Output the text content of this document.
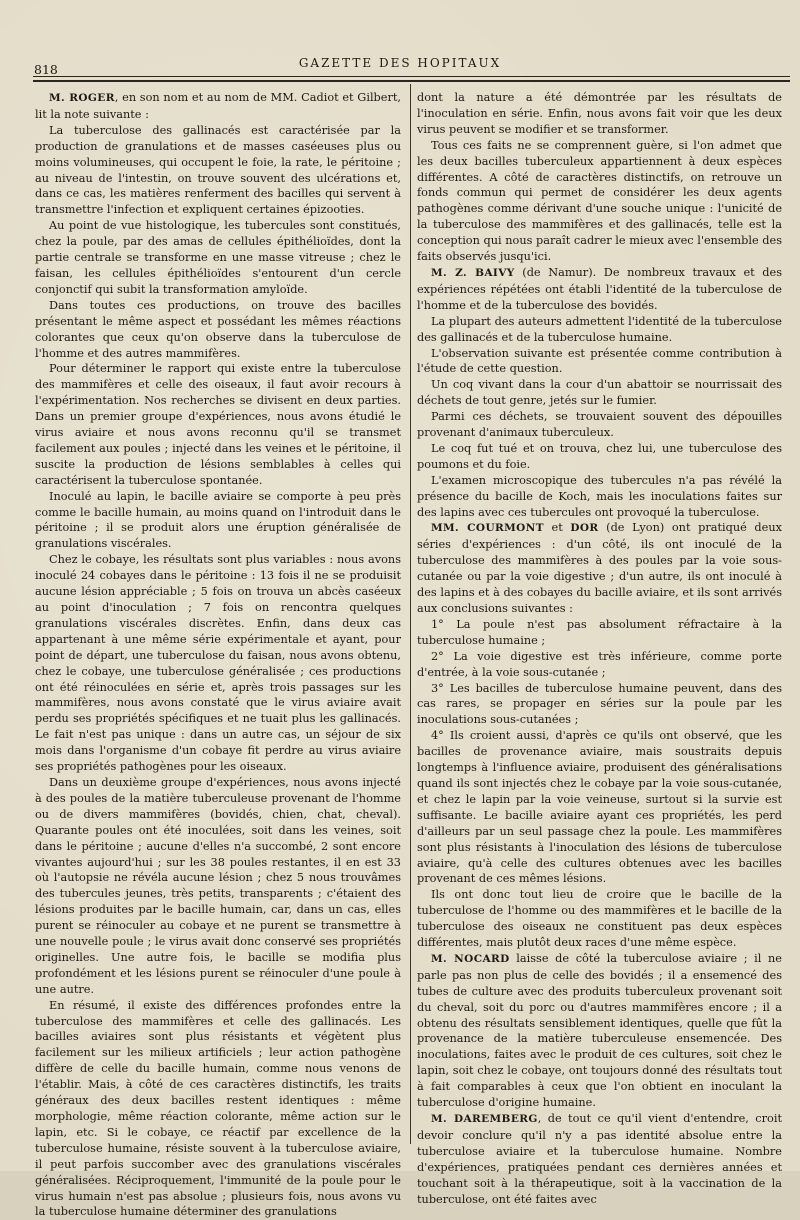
818	GAZETTE DES HOPITAUX

M. ROGER, en son nom et au nom de MM. Cadiot et Gilbert, lit la note suivante :

La tuberculose des gallinacés est caractérisée par la production de granulations et de masses caséeuses plus ou moins volumineuses, qui occupent le foie, la rate, le péritoine ; au niveau de l'intestin, on trouve souvent des ulcérations et, dans ce cas, les matières renferment des bacilles qui servent à transmettre l'infection et expliquent certaines épizooties.

Au point de vue histologique, les tubercules sont constitués, chez la poule, par des amas de cellules épithélioïdes, dont la partie centrale se transforme en une masse vitreuse ; chez le faisan, les cellules épithélioïdes s'entourent d'un cercle conjonctif qui subit la transformation amyloïde.

Dans toutes ces productions, on trouve des bacilles présentant le même aspect et possédant les mêmes réactions colorantes que ceux qu'on observe dans la tuberculose de l'homme et des autres mammifères.

Pour déterminer le rapport qui existe entre la tuberculose des mammifères et celle des oiseaux, il faut avoir recours à l'expérimentation. Nos recherches se divisent en deux parties. Dans un premier groupe d'expériences, nous avons étudié le virus aviaire et nous avons reconnu qu'il se transmet facilement aux poules ; injecté dans les veines et le péritoine, il suscite la production de lésions semblables à celles qui caractérisent la tuberculose spontanée.

Inoculé au lapin, le bacille aviaire se comporte à peu près comme le bacille humain, au moins quand on l'introduit dans le péritoine ; il se produit alors une éruption généralisée de granulations viscérales.

Chez le cobaye, les résultats sont plus variables : nous avons inoculé 24 cobayes dans le péritoine : 13 fois il ne se produisit aucune lésion appréciable ; 5 fois on trouva un abcès caséeux au point d'inoculation ; 7 fois on rencontra quelques granulations viscérales discrètes. Enfin, dans deux cas appartenant à une même série expérimentale et ayant, pour point de départ, une tuberculose du faisan, nous avons obtenu, chez le cobaye, une tuberculose généralisée ; ces productions ont été réinoculées en série et, après trois passages sur les mammifères, nous avons constaté que le virus aviaire avait perdu ses propriétés spécifiques et ne tuait plus les gallinacés. Le fait n'est pas unique : dans un autre cas, un séjour de six mois dans l'organisme d'un cobaye fit perdre au virus aviaire ses propriétés pathogènes pour les oiseaux.

Dans un deuxième groupe d'expériences, nous avons injecté à des poules de la matière tuberculeuse provenant de l'homme ou de divers mammifères (bovidés, chien, chat, cheval). Quarante poules ont été inoculées, soit dans les veines, soit dans le péritoine ; aucune d'elles n'a succombé, 2 sont encore vivantes aujourd'hui ; sur les 38 poules restantes, il en est 33 où l'autopsie ne révéla aucune lésion ; chez 5 nous trouvâmes des tubercules jeunes, très petits, transparents ; c'étaient des lésions produites par le bacille humain, car, dans un cas, elles purent se réinoculer au cobaye et ne purent se transmettre à une nouvelle poule ; le virus avait donc conservé ses propriétés originelles. Une autre fois, le bacille se modifia plus profondément et les lésions purent se réinoculer d'une poule à une autre.

En résumé, il existe des différences profondes entre la tuberculose des mammifères et celle des gallinacés. Les bacilles aviaires sont plus résistants et végètent plus facilement sur les milieux artificiels ; leur action pathogène diffère de celle du bacille humain, comme nous venons de l'établir. Mais, à côté de ces caractères distinctifs, les traits généraux des deux bacilles restent identiques : même morphologie, même réaction colorante, même action sur le lapin, etc. Si le cobaye, ce réactif par excellence de la tuberculose humaine, résiste souvent à la tuberculose aviaire, il peut parfois succomber avec des granulations viscérales généralisées. Réciproquement, l'immunité de la poule pour le virus humain n'est pas absolue ; plusieurs fois, nous avons vu la tuberculose humaine déterminer des granulations

dont la nature a été démontrée par les résultats de l'inoculation en série. Enfin, nous avons fait voir que les deux virus peuvent se modifier et se transformer.

Tous ces faits ne se comprennent guère, si l'on admet que les deux bacilles tuberculeux appartiennent à deux espèces différentes. A côté de caractères distinctifs, on retrouve un fonds commun qui permet de considérer les deux agents pathogènes comme dérivant d'une souche unique : l'unicité de la tuberculose des mammifères et des gallinacés, telle est la conception qui nous paraît cadrer le mieux avec l'ensemble des faits observés jusqu'ici.

M. Z. BAIVY (de Namur). De nombreux travaux et des expériences répétées ont établi l'identité de la tuberculose de l'homme et de la tuberculose des bovidés.

La plupart des auteurs admettent l'identité de la tuberculose des gallinacés et de la tuberculose humaine.

L'observation suivante est présentée comme contribution à l'étude de cette question.

Un coq vivant dans la cour d'un abattoir se nourrissait des déchets de tout genre, jetés sur le fumier.

Parmi ces déchets, se trouvaient souvent des dépouilles provenant d'animaux tuberculeux.

Le coq fut tué et on trouva, chez lui, une tuberculose des poumons et du foie.

L'examen microscopique des tubercules n'a pas révélé la présence du bacille de Koch, mais les inoculations faites sur des lapins avec ces tubercules ont provoqué la tuberculose.

MM. COURMONT et DOR (de Lyon) ont pratiqué deux séries d'expériences : d'un côté, ils ont inoculé de la tuberculose des mammifères à des poules par la voie sous-cutanée ou par la voie digestive ; d'un autre, ils ont inoculé à des lapins et à des cobayes du bacille aviaire, et ils sont arrivés aux conclusions suivantes :

1° La poule n'est pas absolument réfractaire à la tuberculose humaine ;

2° La voie digestive est très inférieure, comme porte d'entrée, à la voie sous-cutanée ;

3° Les bacilles de tuberculose humaine peuvent, dans des cas rares, se propager en séries sur la poule par les inoculations sous-cutanées ;

4° Ils croient aussi, d'après ce qu'ils ont observé, que les bacilles de provenance aviaire, mais soustraits depuis longtemps à l'influence aviaire, produisent des généralisations quand ils sont injectés chez le cobaye par la voie sous-cutanée, et chez le lapin par la voie veineuse, surtout si la survie est suffisante. Le bacille aviaire ayant ces propriétés, les perd d'ailleurs par un seul passage chez la poule. Les mammifères sont plus résistants à l'inoculation des lésions de tuberculose aviaire, qu'à celle des cultures obtenues avec les bacilles provenant de ces mêmes lésions.

Ils ont donc tout lieu de croire que le bacille de la tuberculose de l'homme ou des mammifères et le bacille de la tuberculose des oiseaux ne constituent pas deux espèces différentes, mais plutôt deux races d'une même espèce.

M. NOCARD laisse de côté la tuberculose aviaire ; il ne parle pas non plus de celle des bovidés ; il a ensemencé des tubes de culture avec des produits tuberculeux provenant soit du cheval, soit du porc ou d'autres mammifères encore ; il a obtenu des résultats sensiblement identiques, quelle que fût la provenance de la matière tuberculeuse ensemencée. Des inoculations, faites avec le produit de ces cultures, soit chez le lapin, soit chez le cobaye, ont toujours donné des résultats tout à fait comparables à ceux que l'on obtient en inoculant la tuberculose d'origine humaine.

M. DAREMBERG, de tout ce qu'il vient d'entendre, croit devoir conclure qu'il n'y a pas identité absolue entre la tuberculose aviaire et la tuberculose humaine. Nombre d'expériences, pratiquées pendant ces dernières années et touchant soit à la thérapeutique, soit à la vaccination de la tuberculose, ont été faites avec
